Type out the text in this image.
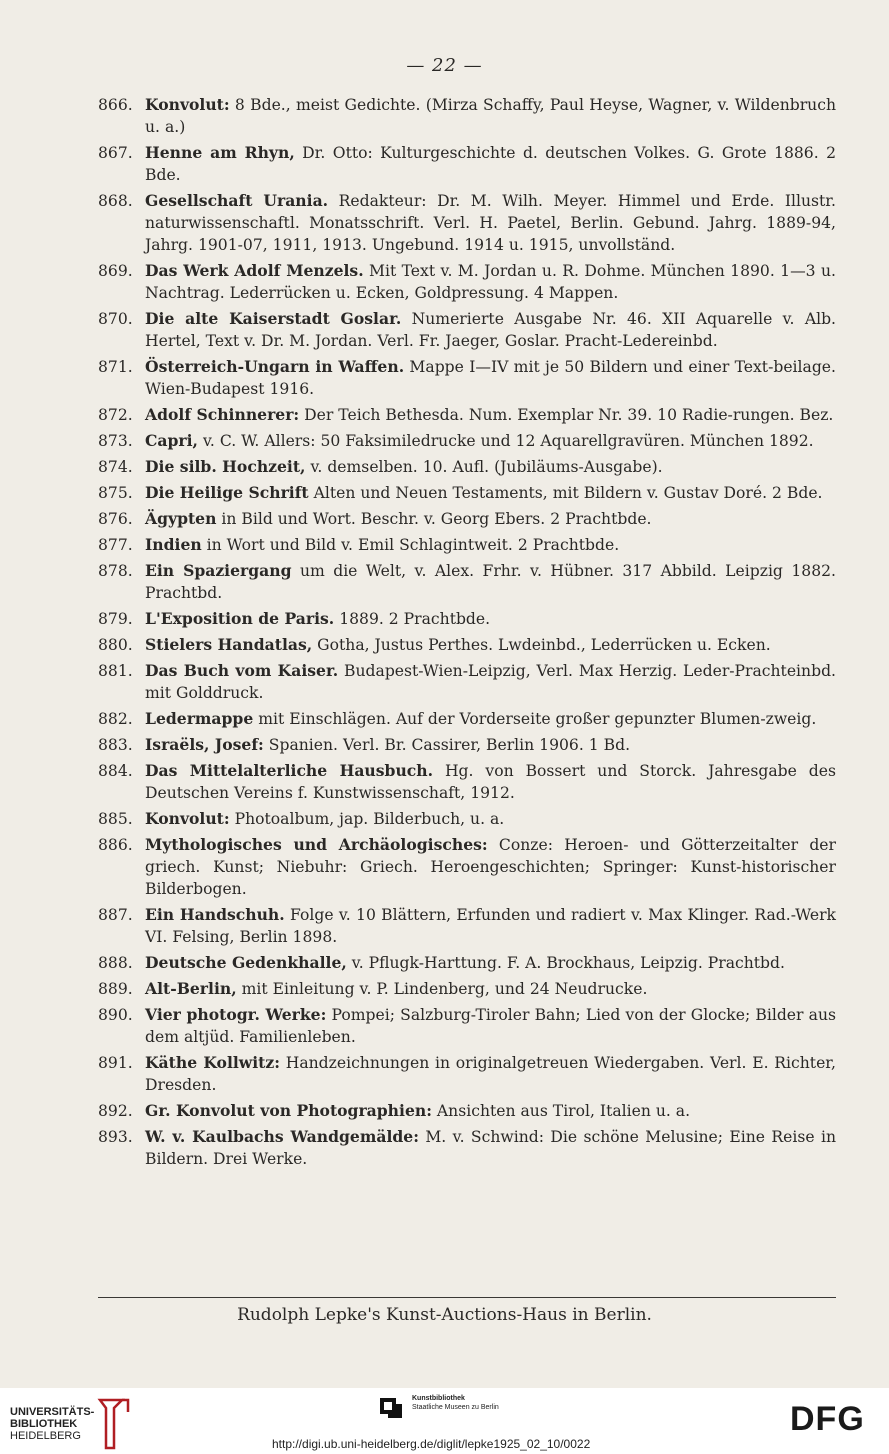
— 22 —
866. Konvolut: 8 Bde., meist Gedichte. (Mirza Schaffy, Paul Heyse, Wagner, v. Wildenbruch u. a.)
867. Henne am Rhyn, Dr. Otto: Kulturgeschichte d. deutschen Volkes. G. Grote 1886. 2 Bde.
868. Gesellschaft Urania. Redakteur: Dr. M. Wilh. Meyer. Himmel und Erde. Illustr. naturwissenschaftl. Monatsschrift. Verl. H. Paetel, Berlin. Gebund. Jahrg. 1889-94, Jahrg. 1901-07, 1911, 1913. Ungebund. 1914 u. 1915, unvollständ.
869. Das Werk Adolf Menzels. Mit Text v. M. Jordan u. R. Dohme. München 1890. 1—3 u. Nachtrag. Lederrücken u. Ecken, Goldpressung. 4 Mappen.
870. Die alte Kaiserstadt Goslar. Numerierte Ausgabe Nr. 46. XII Aquarelle v. Alb. Hertel, Text v. Dr. M. Jordan. Verl. Fr. Jaeger, Goslar. Pracht-Ledereinbd.
871. Österreich-Ungarn in Waffen. Mappe I—IV mit je 50 Bildern und einer Text-beilage. Wien-Budapest 1916.
872. Adolf Schinnerer: Der Teich Bethesda. Num. Exemplar Nr. 39. 10 Radie-rungen. Bez.
873. Capri, v. C. W. Allers: 50 Faksimiledrucke und 12 Aquarellgravüren. München 1892.
874. Die silb. Hochzeit, v. demselben. 10. Aufl. (Jubiläums-Ausgabe).
875. Die Heilige Schrift Alten und Neuen Testaments, mit Bildern v. Gustav Doré. 2 Bde.
876. Ägypten in Bild und Wort. Beschr. v. Georg Ebers. 2 Prachtbde.
877. Indien in Wort und Bild v. Emil Schlagintweit. 2 Prachtbde.
878. Ein Spaziergang um die Welt, v. Alex. Frhr. v. Hübner. 317 Abbild. Leipzig 1882. Prachtbd.
879. L'Exposition de Paris. 1889. 2 Prachtbde.
880. Stielers Handatlas, Gotha, Justus Perthes. Lwdeinbd., Lederrücken u. Ecken.
881. Das Buch vom Kaiser. Budapest-Wien-Leipzig, Verl. Max Herzig. Leder-Prachteinbd. mit Golddruck.
882. Ledermappe mit Einschlägen. Auf der Vorderseite großer gepunzter Blumen-zweig.
883. Israëls, Josef: Spanien. Verl. Br. Cassirer, Berlin 1906. 1 Bd.
884. Das Mittelalterliche Hausbuch. Hg. von Bossert und Storck. Jahresgabe des Deutschen Vereins f. Kunstwissenschaft, 1912.
885. Konvolut: Photoalbum, jap. Bilderbuch, u. a.
886. Mythologisches und Archäologisches: Conze: Heroen- und Götterzeitalter der griech. Kunst; Niebuhr: Griech. Heroengeschichten; Springer: Kunst-historischer Bilderbogen.
887. Ein Handschuh. Folge v. 10 Blättern, Erfunden und radiert v. Max Klinger. Rad.-Werk VI. Felsing, Berlin 1898.
888. Deutsche Gedenkhalle, v. Pflugk-Harttung. F. A. Brockhaus, Leipzig. Prachtbd.
889. Alt-Berlin, mit Einleitung v. P. Lindenberg, und 24 Neudrucke.
890. Vier photogr. Werke: Pompei; Salzburg-Tiroler Bahn; Lied von der Glocke; Bilder aus dem altjüd. Familienleben.
891. Käthe Kollwitz: Handzeichnungen in originalgetreuen Wiedergaben. Verl. E. Richter, Dresden.
892. Gr. Konvolut von Photographien: Ansichten aus Tirol, Italien u. a.
893. W. v. Kaulbachs Wandgemälde: M. v. Schwind: Die schöne Melusine; Eine Reise in Bildern. Drei Werke.
Rudolph Lepke's Kunst-Auctions-Haus in Berlin.
UNIVERSITÄTS-
BIBLIOTHEK
HEIDELBERG
Kunstbibliothek
Staatliche Museen zu Berlin	DFG
http://digi.ub.uni-heidelberg.de/diglit/lepke1925_02_10/0022
